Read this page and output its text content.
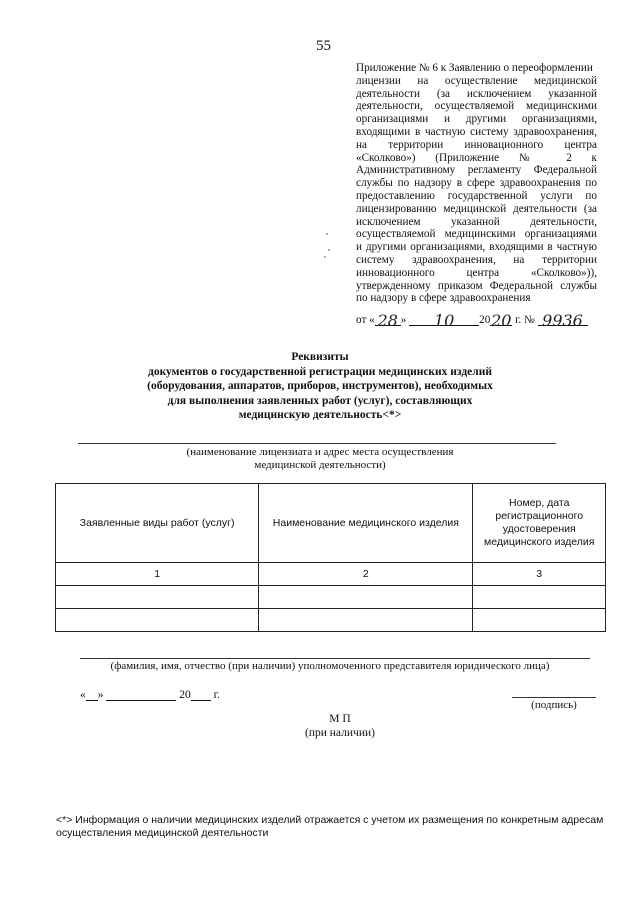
55
Приложение № 6 к Заявлению о переоформлении
лицензии на осуществление медицинской
деятельности (за исключением указанной
деятельности, осуществляемой медицинскими
организациями и другими организациями,
входящими в частную систему здравоохранения,
на территории инновационного центра
«Сколково») (Приложение № 2 к
Административному регламенту Федеральной
службы по надзору в сфере здравоохранения по
предоставлению государственной услуги по
лицензированию медицинской деятельности (за
исключением указанной деятельности,
осуществляемой медицинскими организациями
и другими организациями, входящими в частную
систему здравоохранения, на территории
инновационного центра «Сколково»)),
утвержденному приказом Федеральной службы
по надзору в сфере здравоохранения
от « 28 » 10 2020 г. № 9936
Реквизиты
документов о государственной регистрации медицинских изделий
(оборудования, аппаратов, приборов, инструментов), необходимых
для выполнения заявленных работ (услуг), составляющих
медицинскую деятельность<*>
(наименование лицензиата и адрес места осуществления
медицинской деятельности)
Заявленные виды работ (услуг)	Наименование медицинского изделия	Номер, дата регистрационного удостоверения медицинского изделия
1	2	3

(фамилия, имя, отчество (при наличии) уполномоченного представителя юридического лица)
« »	20 г.
(подпись)
М П
(при наличии)
<*> Информация о наличии медицинских изделий отражается с учетом их размещения по конкретным адресам осуществления медицинской деятельности
